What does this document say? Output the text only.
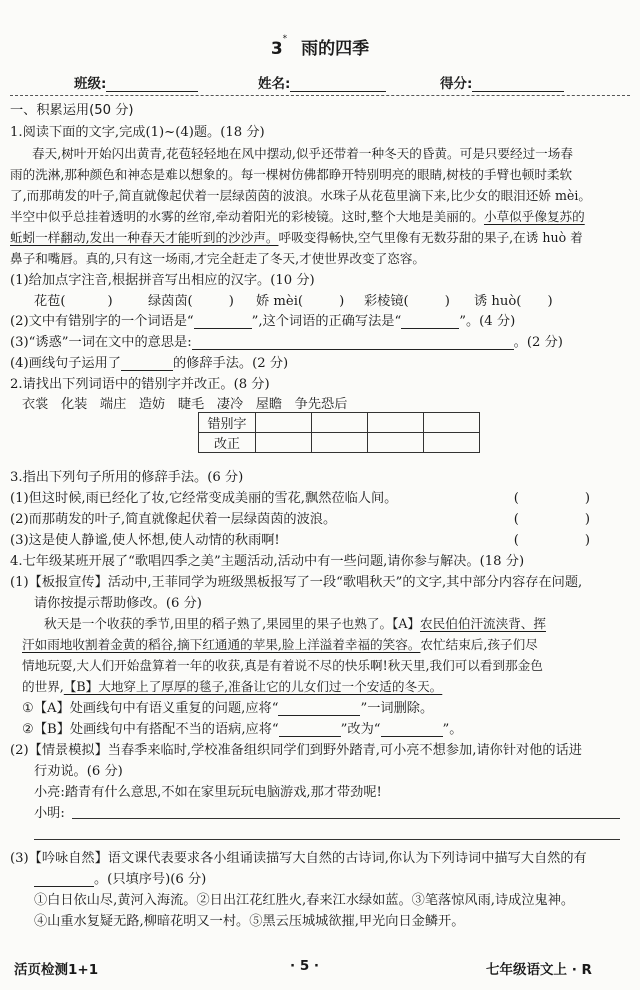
3* 雨的四季
班级:	姓名:	得分:
一、积累运用(50 分)
1.阅读下面的文字,完成(1)~(4)题。(18 分)
春天,树叶开始闪出黄青,花苞轻轻地在风中摆动,似乎还带着一种冬天的昏黄。可是只要经过一场春
雨的洗淋,那种颜色和神态是难以想象的。每一棵树仿佛都睁开特别明亮的眼睛,树枝的手臂也顿时柔软
了,而那萌发的叶子,简直就像起伏着一层绿茵茵的波浪。水珠子从花苞里滴下来,比少女的眼泪还娇 mèi。
半空中似乎总挂着透明的水雾的丝帘,牵动着阳光的彩棱镜。这时,整个大地是美丽的。小草似乎像复苏的
蚯蚓一样翻动,发出一种春天才能听到的沙沙声。呼吸变得畅快,空气里像有无数芬甜的果子,在诱 huò 着
鼻子和嘴唇。真的,只有这一场雨,才完全赶走了冬天,才使世界改变了恣容。
(1)给加点字注音,根据拼音写出相应的汉字。(10 分)
花苞(	)	绿茵茵(	) 娇 mèi(	) 彩棱镜(	) 诱 huò( )
(2)文中有错别字的一个词语是“	”,这个词语的正确写法是“	”。(4 分)
(3)“诱惑”一词在文中的意思是:	。(2 分)
(4)画线句子运用了	的修辞手法。(2 分)
2.请找出下列词语中的错别字并改正。(8 分)
衣裳 化装 端庄 造妨 睫毛 凄冷 屋瞻 争先恐后
错别字				
改正				
3.指出下列句子所用的修辞手法。(6 分)
(1)但这时候,雨已经化了妆,它经常变成美丽的雪花,飘然莅临人间。	(　　　　　)
(2)而那萌发的叶子,简直就像起伏着一层绿茵茵的波浪。	(　　　　　)
(3)这是使人静谧,使人怀想,使人动情的秋雨啊!	(　　　　　)
4.七年级某班开展了“歌唱四季之美”主题活动,活动中有一些问题,请你参与解决。(18 分)
(1)【板报宣传】活动中,王菲同学为班级黑板报写了一段“歌唱秋天”的文字,其中部分内容存在问题,
请你按提示帮助修改。(6 分)
秋天是一个收获的季节,田里的稻子熟了,果园里的果子也熟了。【A】农民伯伯汗流浃背、挥
汗如雨地收割着金黄的稻谷,摘下红通通的苹果,脸上洋溢着幸福的笑容。农忙结束后,孩子们尽
情地玩耍,大人们开始盘算着一年的收获,真是有着说不尽的快乐啊!秋天里,我们可以看到那金色
的世界,【B】大地穿上了厚厚的毯子,准备让它的儿女们过一个安适的冬天。
①【A】处画线句中有语义重复的问题,应将“	”一词删除。
②【B】处画线句中有搭配不当的语病,应将“	”改为“	”。
(2)【情景模拟】当春季来临时,学校准备组织同学们到野外踏青,可小亮不想参加,请你针对他的话进
行劝说。(6 分)
小亮:踏青有什么意思,不如在家里玩玩电脑游戏,那才带劲呢!
小明:
(3)【吟咏自然】语文课代表要求各小组诵读描写大自然的古诗词,你认为下列诗词中描写大自然的有
。(只填序号)(6 分)
①白日依山尽,黄河入海流。②日出江花红胜火,春来江水绿如蓝。③笔落惊风雨,诗成泣鬼神。
④山重水复疑无路,柳暗花明又一村。⑤黑云压城城欲摧,甲光向日金鳞开。
活页检测1+1	· 5 ·	七年级语文上 · R
